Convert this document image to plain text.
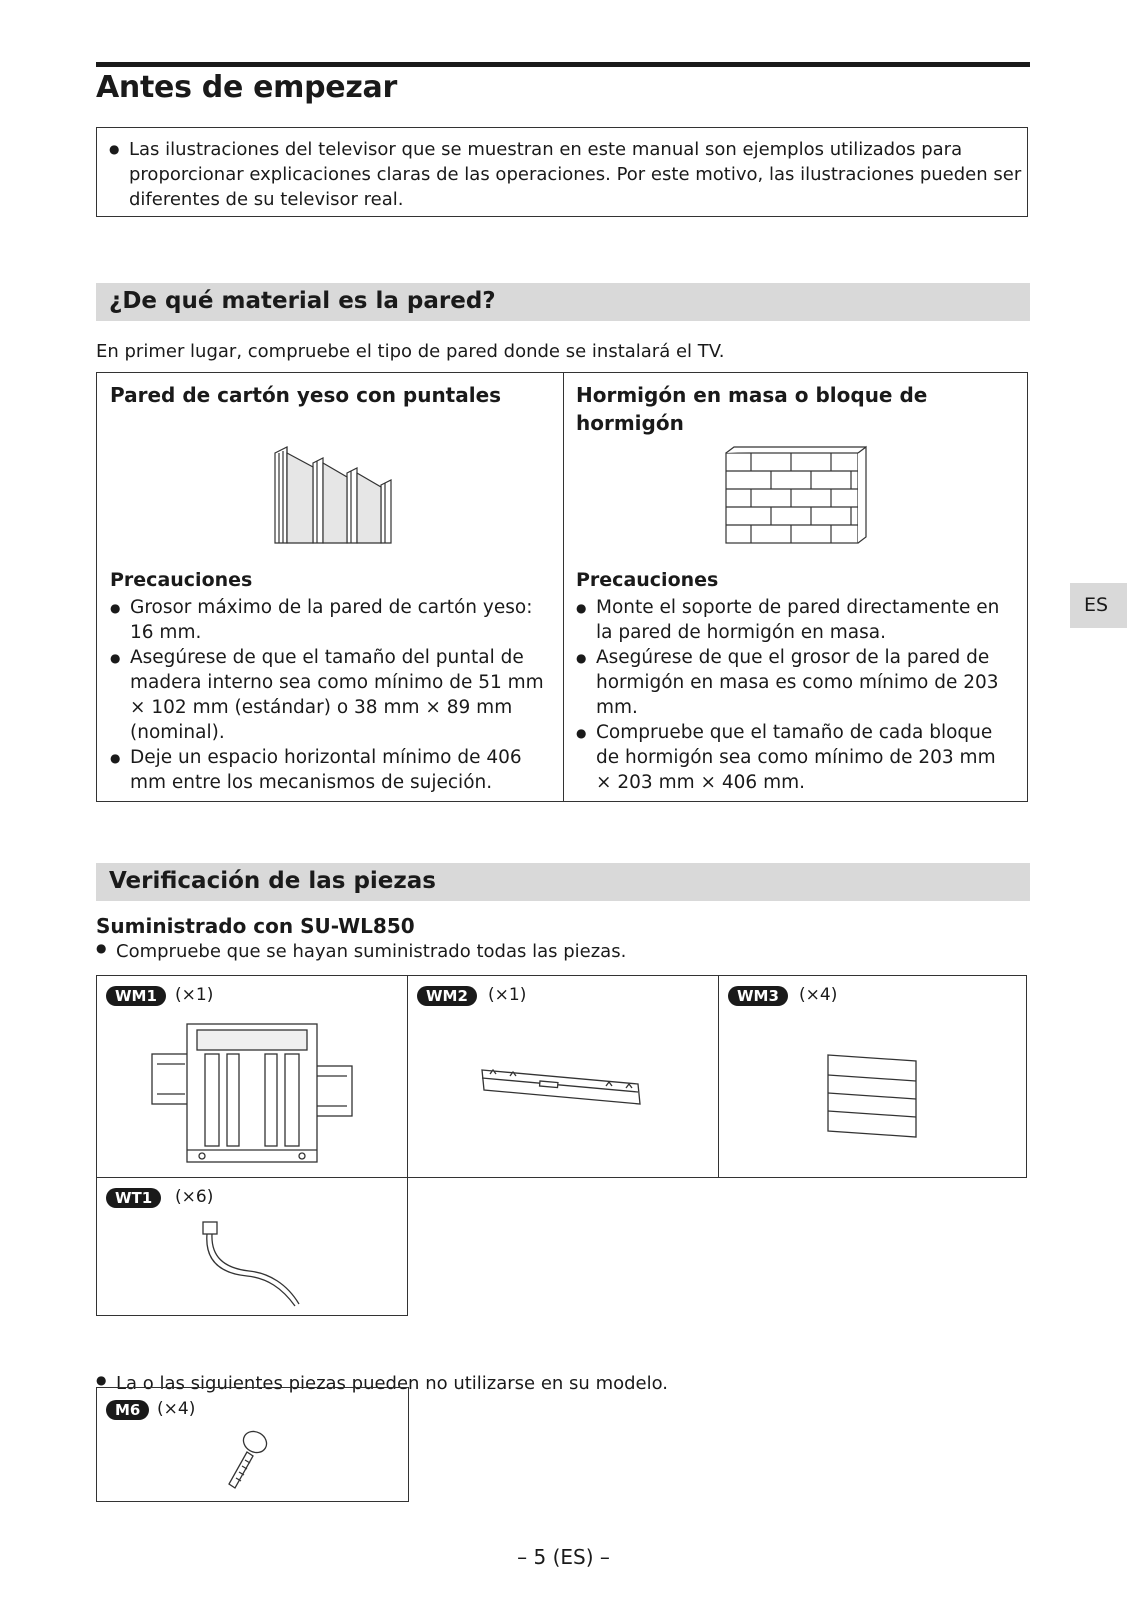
Antes de empezar
● Las ilustraciones del televisor que se muestran en este manual son ejemplos utilizados para proporcionar explicaciones claras de las operaciones. Por este motivo, las ilustraciones pueden ser diferentes de su televisor real.
¿De qué material es la pared?
En primer lugar, compruebe el tipo de pared donde se instalará el TV.
Pared de cartón yeso con puntales
Precauciones
● Grosor máximo de la pared de cartón yeso: 16 mm.
● Asegúrese de que el tamaño del puntal de madera interno sea como mínimo de 51 mm × 102 mm (estándar) o 38 mm × 89 mm (nominal).
● Deje un espacio horizontal mínimo de 406 mm entre los mecanismos de sujeción.
Hormigón en masa o bloque de hormigón
Precauciones
● Monte el soporte de pared directamente en la pared de hormigón en masa.
● Asegúrese de que el grosor de la pared de hormigón en masa es como mínimo de 203 mm.
● Compruebe que el tamaño de cada bloque de hormigón sea como mínimo de 203 mm × 203 mm × 406 mm.
ES
Verificación de las piezas
Suministrado con SU-WL850
● Compruebe que se hayan suministrado todas las piezas.
WM1	(×1)	WM2	(×1)	WM3	(×4)
WT1	(×6)
● La o las siguientes piezas pueden no utilizarse en su modelo.
M6 (×4)
– 5 (ES) –
